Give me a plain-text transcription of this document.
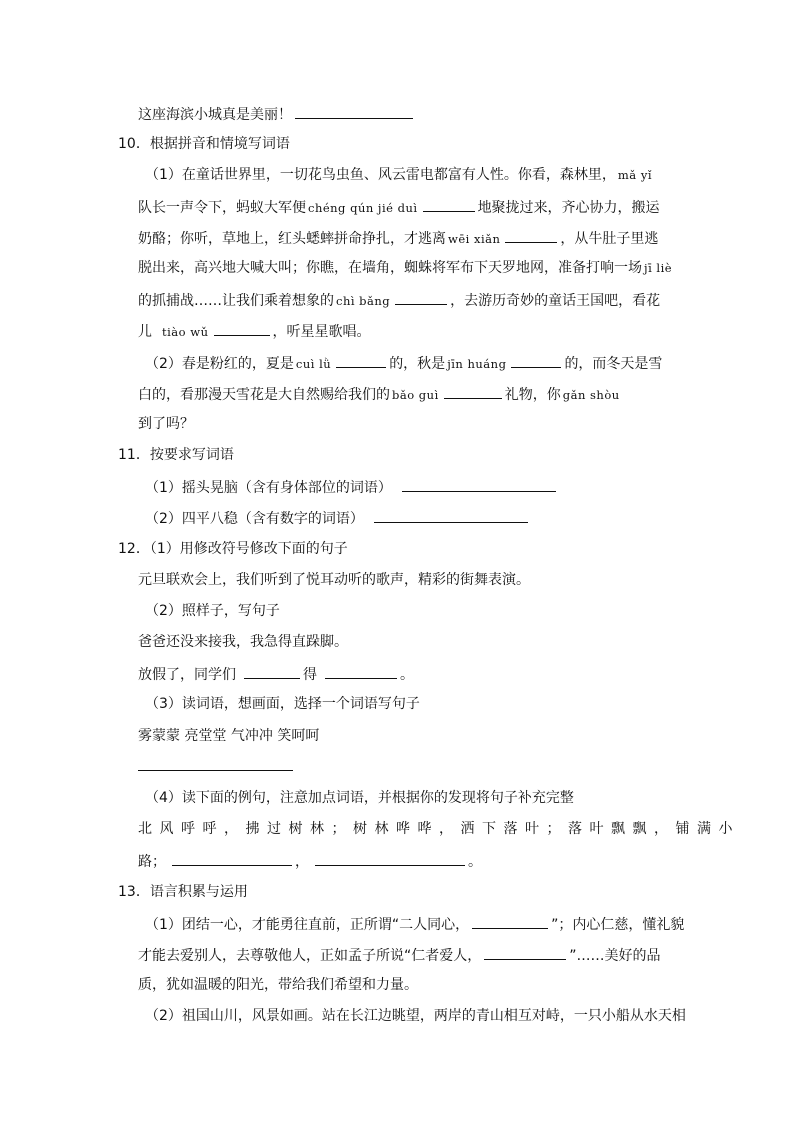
这座海滨小城真是美丽！
10．根据拼音和情境写词语
（1）在童话世界里，一切花鸟虫鱼、风云雷电都富有人性。你看，森林里， mǎ yǐ
队长一声令下，蚂蚁大军便 chéng qún jié duì	地聚拢过来，齐心协力，搬运
奶酪；你听，草地上，红头蟋蟀拼命挣扎，才逃离 wēi xiǎn	，从牛肚子里逃
脱出来，高兴地大喊大叫；你瞧，在墙角，蜘蛛将军布下天罗地网，准备打响一场 jī liè
的抓捕战……让我们乘着想象的 chì bǎng	，去游历奇妙的童话王国吧，看花
儿 tiào wǔ	，听星星歌唱。
（2）春是粉红的，夏是 cuì lǜ	的，秋是 jīn huáng	的，而冬天是雪
白的，看那漫天雪花是大自然赐给我们的 bǎo guì	礼物，你 gǎn shòu
到了吗？
11．按要求写词语
（1）摇头晃脑（含有身体部位的词语）
（2）四平八稳（含有数字的词语）
12．（1）用修改符号修改下面的句子
元旦联欢会上，我们听到了悦耳动听的歌声，精彩的街舞表演。
（2）照样子，写句子
爸爸还没来接我，我急得直跺脚。
放假了，同学们	得	。
（3）读词语，想画面，选择一个词语写句子
雾蒙蒙 亮堂堂 气冲冲 笑呵呵
（4）读下面的例句，注意加点词语，并根据你的发现将句子补充完整
北风呼呼，拂过树林；树林哗哗，洒下落叶；落叶飘飘，铺满小
路；	，	。
13．语言积累与运用
（1）团结一心，才能勇往直前，正所谓“二人同心，	”；内心仁慈，懂礼貌
才能去爱别人，去尊敬他人，正如孟子所说“仁者爱人，	”……美好的品
质，犹如温暖的阳光，带给我们希望和力量。
（2）祖国山川，风景如画。站在长江边眺望，两岸的青山相互对峙，一只小船从水天相
